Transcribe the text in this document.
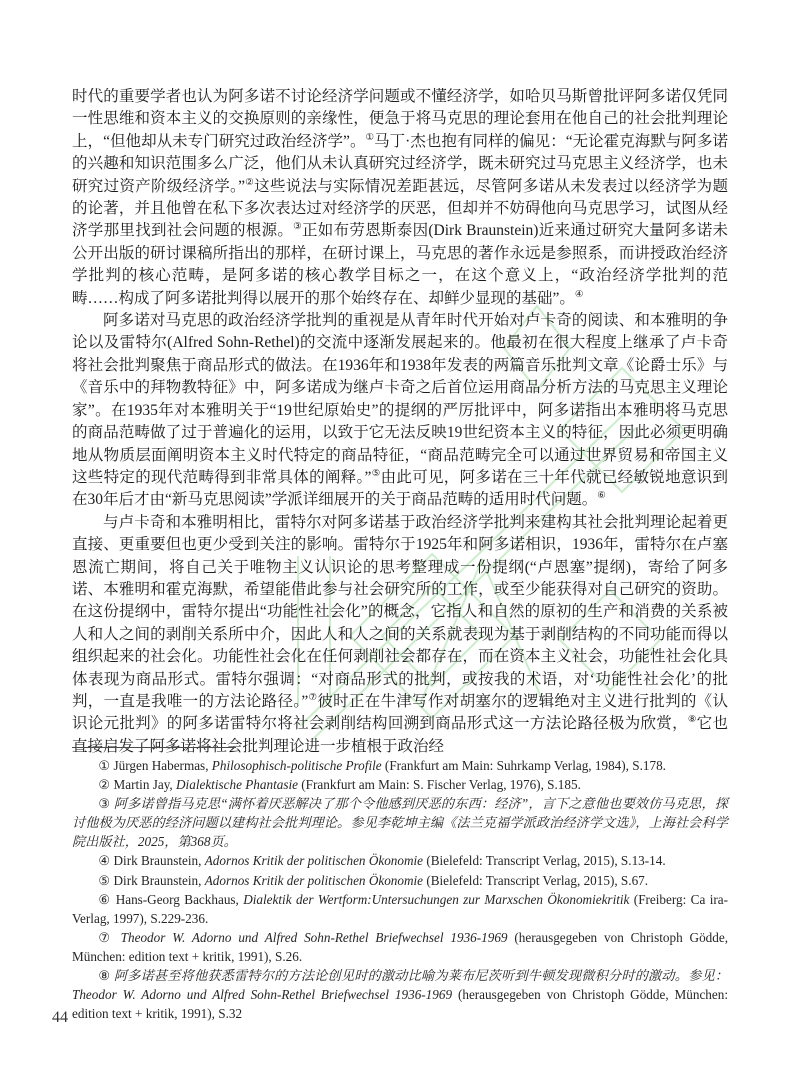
时代的重要学者也认为阿多诺不讨论经济学问题或不懂经济学，如哈贝马斯曾批评阿多诺仅凭同一性思维和资本主义的交换原则的亲缘性，便急于将马克思的理论套用在他自己的社会批判理论上，“但他却从未专门研究过政治经济学”。①马丁·杰也抱有同样的偏见：“无论霍克海默与阿多诺的兴趣和知识范围多么广泛，他们从未认真研究过经济学，既未研究过马克思主义经济学，也未研究过资产阶级经济学。”②这些说法与实际情况差距甚远，尽管阿多诺从未发表过以经济学为题的论著，并且他曾在私下多次表达过对经济学的厌恶，但却并不妨碍他向马克思学习，试图从经济学那里找到社会问题的根源。③正如布劳恩斯泰因(Dirk Braunstein)近来通过研究大量阿多诺未公开出版的研讨课稿所指出的那样，在研讨课上，马克思的著作永远是参照系，而讲授政治经济学批判的核心范畴，是阿多诺的核心教学目标之一，在这个意义上，“政治经济学批判的范畴……构成了阿多诺批判得以展开的那个始终存在、却鲜少显现的基础”。④

阿多诺对马克思的政治经济学批判的重视是从青年时代开始对卢卡奇的阅读、和本雅明的争论以及雷特尔(Alfred Sohn-Rethel)的交流中逐渐发展起来的。他最初在很大程度上继承了卢卡奇将社会批判聚焦于商品形式的做法。在1936年和1938年发表的两篇音乐批判文章《论爵士乐》与《音乐中的拜物教特征》中，阿多诺成为继卢卡奇之后首位运用商品分析方法的马克思主义理论家”。在1935年对本雅明关于“19世纪原始史”的提纲的严厉批评中，阿多诺指出本雅明将马克思的商品范畴做了过于普遍化的运用，以致于它无法反映19世纪资本主义的特征，因此必须更明确地从物质层面阐明资本主义时代特定的商品特征，“商品范畴完全可以通过世界贸易和帝国主义这些特定的现代范畴得到非常具体的阐释。”⑤由此可见，阿多诺在三十年代就已经敏锐地意识到在30年后才由“新马克思阅读”学派详细展开的关于商品范畴的适用时代问题。⑥

与卢卡奇和本雅明相比，雷特尔对阿多诺基于政治经济学批判来建构其社会批判理论起着更直接、更重要但也更少受到关注的影响。雷特尔于1925年和阿多诺相识，1936年，雷特尔在卢塞恩流亡期间，将自己关于唯物主义认识论的思考整理成一份提纲(“卢恩塞”提纲)，寄给了阿多诺、本雅明和霍克海默，希望能借此参与社会研究所的工作，或至少能获得对自己研究的资助。在这份提纲中，雷特尔提出“功能性社会化”的概念，它指人和自然的原初的生产和消费的关系被人和人之间的剥削关系所中介，因此人和人之间的关系就表现为基于剥削结构的不同功能而得以组织起来的社会化。功能性社会化在任何剥削社会都存在，而在资本主义社会，功能性社会化具体表现为商品形式。雷特尔强调：“对商品形式的批判，或按我的术语，对‘功能性社会化’的批判，一直是我唯一的方法论路径。”⑦彼时正在牛津写作对胡塞尔的逻辑绝对主义进行批判的《认识论元批判》的阿多诺雷特尔将社会剥削结构回溯到商品形式这一方法论路径极为欣赏，⑧它也直接启发了阿多诺将社会批判理论进一步植根于政治经

① Jürgen Habermas, Philosophisch-politische Profile (Frankfurt am Main: Suhrkamp Verlag, 1984), S.178.

② Martin Jay, Dialektische Phantasie (Frankfurt am Main: S. Fischer Verlag, 1976), S.185.

③ 阿多诺曾指马克思“满怀着厌恶解决了那个令他感到厌恶的东西：经济”，言下之意他也要效仿马克思，探讨他极为厌恶的经济问题以建构社会批判理论。参见李乾坤主编《法兰克福学派政治经济学文选》，上海社会科学院出版社，2025，第368页。

④ Dirk Braunstein, Adornos Kritik der politischen Ökonomie (Bielefeld: Transcript Verlag, 2015), S.13-14.

⑤ Dirk Braunstein, Adornos Kritik der politischen Ökonomie (Bielefeld: Transcript Verlag, 2015), S.67.

⑥ Hans-Georg Backhaus, Dialektik der Wertform:Untersuchungen zur Marxschen Ökonomiekritik (Freiberg: Ca ira-Verlag, 1997), S.229-236.

⑦ Theodor W. Adorno und Alfred Sohn-Rethel Briefwechsel 1936-1969 (herausgegeben von Christoph Gödde, München: edition text + kritik, 1991), S.26.

⑧ 阿多诺甚至将他获悉雷特尔的方法论创见时的激动比喻为莱布尼茨听到牛顿发现微积分时的激动。参见：Theodor W. Adorno und Alfred Sohn-Rethel Briefwechsel 1936-1969 (herausgegeben von Christoph Gödde, München: edition text + kritik, 1991), S.32

44
